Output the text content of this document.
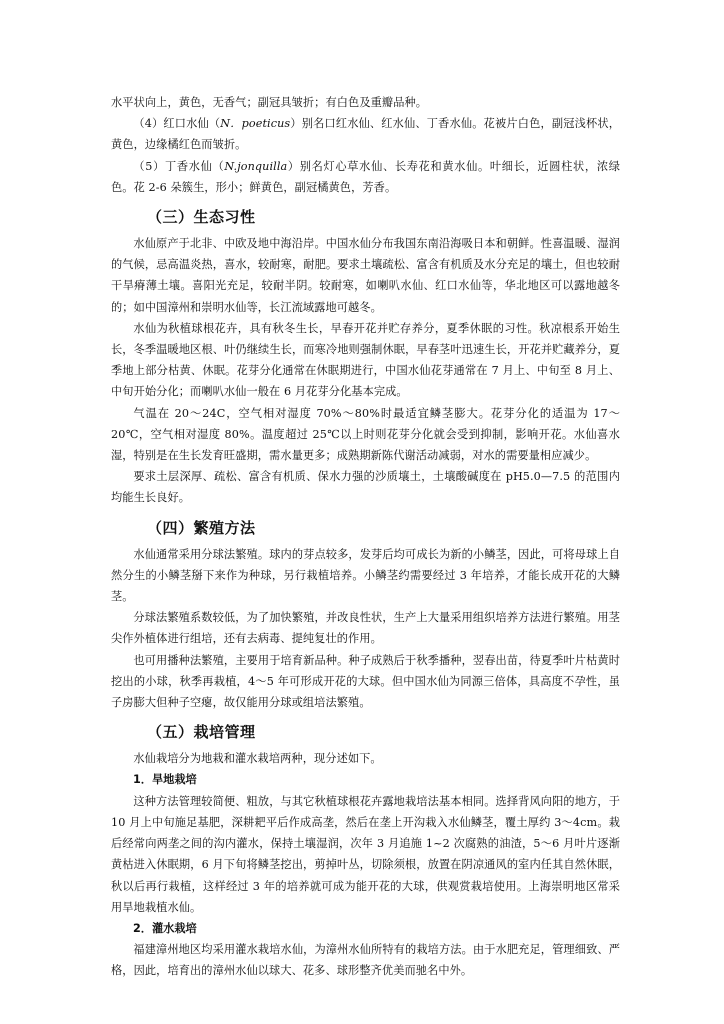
水平状向上，黄色，无香气；副冠具皱折；有白色及重瓣品种。

（4）红口水仙（N．poeticus）别名口红水仙、红水仙、丁香水仙。花被片白色，副冠浅杯状，黄色，边缘橘红色而皱折。

（5）丁香水仙（N.jonquilla）别名灯心草水仙、长寿花和黄水仙。叶细长，近圆柱状，浓绿色。花 2-6 朵簇生，形小；鲜黄色，副冠橘黄色，芳香。

（三）生态习性

水仙原产于北非、中欧及地中海沿岸。中国水仙分布我国东南沿海吸日本和朝鲜。性喜温暖、湿润的气候，忌高温炎热，喜水，较耐寒，耐肥。要求土壤疏松、富含有机质及水分充足的壤土，但也较耐干旱瘠薄土壤。喜阳光充足，较耐半阴。较耐寒，如喇叭水仙、红口水仙等，华北地区可以露地越冬的；如中国漳州和崇明水仙等，长江流域露地可越冬。

水仙为秋植球根花卉，具有秋冬生长，早春开花并贮存养分，夏季休眠的习性。秋凉根系开始生长，冬季温暖地区根、叶仍继续生长，而寒冷地则强制休眠，早春茎叶迅速生长，开花并贮藏养分，夏季地上部分枯黄、休眠。花芽分化通常在休眠期进行，中国水仙花芽通常在 7 月上、中旬至 8 月上、中旬开始分化；而喇叭水仙一般在 6 月花芽分化基本完成。

气温在 20～24C，空气相对湿度 70%～80%时最适宜鳞茎膨大。花芽分化的适温为 17～20℃，空气相对湿度 80%。温度超过 25℃以上时则花芽分化就会受到抑制，影响开花。水仙喜水湿，特别是在生长发育旺盛期，需水量更多；成熟期新陈代谢活动减弱，对水的需要量相应减少。

要求土层深厚、疏松、富含有机质、保水力强的沙质壤土，土壤酸碱度在 pH5.0—7.5 的范围内均能生长良好。

（四）繁殖方法

水仙通常采用分球法繁殖。球内的芽点较多，发芽后均可成长为新的小鳞茎，因此，可将母球上自然分生的小鳞茎掰下来作为种球，另行栽植培养。小鳞茎约需要经过 3 年培养，才能长成开花的大鳞茎。

分球法繁殖系数较低，为了加快繁殖，并改良性状，生产上大量采用组织培养方法进行繁殖。用茎尖作外植体进行组培，还有去病毒、提纯复壮的作用。

也可用播种法繁殖，主要用于培育新品种。种子成熟后于秋季播种，翌春出苗，待夏季叶片枯黄时挖出的小球，秋季再栽植，4～5 年可形成开花的大球。但中国水仙为同源三倍体，具高度不孕性，虽子房膨大但种子空瘪，故仅能用分球或组培法繁殖。

（五）栽培管理

水仙栽培分为地栽和灌水栽培两种，现分述如下。

1．旱地栽培

这种方法管理较简便、粗放，与其它秋植球根花卉露地栽培法基本相同。选择背风向阳的地方，于 10 月上中旬施足基肥，深耕耙平后作成高垄，然后在垄上开沟栽入水仙鳞茎，覆土厚约 3～4cm。栽后经常向两垄之间的沟内灌水，保持土壤湿润，次年 3 月追施 1~2 次腐熟的油渣，5～6 月叶片逐渐黄枯进入休眠期，6 月下旬将鳞茎挖出，剪掉叶丛，切除须根，放置在阴凉通风的室内任其自然休眠，秋以后再行栽植，这样经过 3 年的培养就可成为能开花的大球，供观赏栽培使用。上海崇明地区常采用旱地栽植水仙。

2．灌水栽培

福建漳州地区均采用灌水栽培水仙，为漳州水仙所特有的栽培方法。由于水肥充足，管理细致、严格，因此，培育出的漳州水仙以球大、花多、球形整齐优美而驰名中外。
